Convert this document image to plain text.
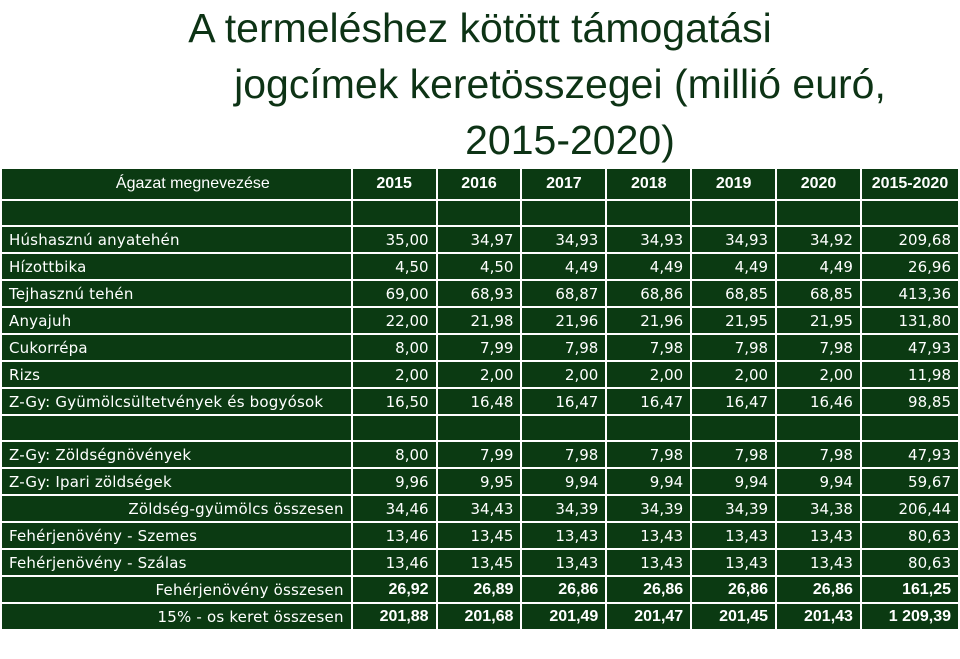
A termeléshez kötött támogatási
jogcímek keretösszegei (millió euró,
2015-2020)
Ágazat megnevezése	2015	2016	2017	2018	2019	2020	2015-2020

Húshasznú anyatehén	35,00	34,97	34,93	34,93	34,93	34,92	209,68
Hízottbika	4,50	4,50	4,49	4,49	4,49	4,49	26,96
Tejhasznú tehén	69,00	68,93	68,87	68,86	68,85	68,85	413,36
Anyajuh	22,00	21,98	21,96	21,96	21,95	21,95	131,80
Cukorrépa	8,00	7,99	7,98	7,98	7,98	7,98	47,93
Rizs	2,00	2,00	2,00	2,00	2,00	2,00	11,98
Z-Gy: Gyümölcsültetvények és bogyósok	16,50	16,48	16,47	16,47	16,47	16,46	98,85

Z-Gy: Zöldségnövények	8,00	7,99	7,98	7,98	7,98	7,98	47,93
Z-Gy: Ipari zöldségek	9,96	9,95	9,94	9,94	9,94	9,94	59,67
Zöldség-gyümölcs összesen	34,46	34,43	34,39	34,39	34,39	34,38	206,44
Fehérjenövény - Szemes	13,46	13,45	13,43	13,43	13,43	13,43	80,63
Fehérjenövény - Szálas	13,46	13,45	13,43	13,43	13,43	13,43	80,63
Fehérjenövény összesen	26,92	26,89	26,86	26,86	26,86	26,86	161,25
15% - os keret összesen	201,88	201,68	201,49	201,47	201,45	201,43	1 209,39
